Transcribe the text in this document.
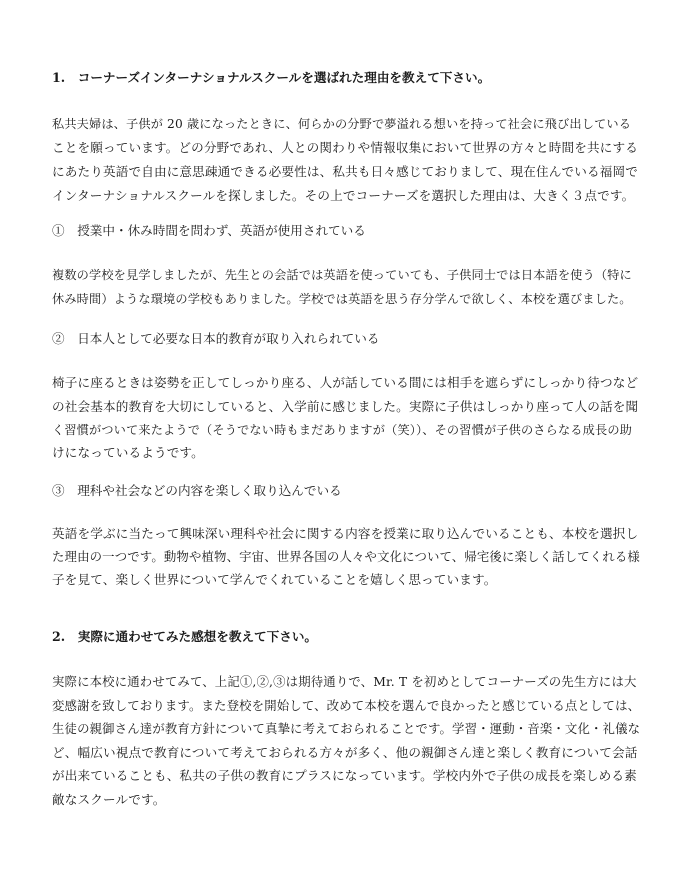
1.　コーナーズインターナショナルスクールを選ばれた理由を教えて下さい。

私共夫婦は、子供が 20 歳になったときに、何らかの分野で夢溢れる想いを持って社会に飛び出している

ことを願っています。どの分野であれ、人との関わりや情報収集において世界の方々と時間を共にする

にあたり英語で自由に意思疎通できる必要性は、私共も日々感じておりまして、現在住んでいる福岡で

インターナショナルスクールを探しました。その上でコーナーズを選択した理由は、大きく３点です。

①　授業中・休み時間を問わず、英語が使用されている

複数の学校を見学しましたが、先生との会話では英語を使っていても、子供同士では日本語を使う（特に

休み時間）ような環境の学校もありました。学校では英語を思う存分学んで欲しく、本校を選びました。

②　日本人として必要な日本的教育が取り入れられている

椅子に座るときは姿勢を正してしっかり座る、人が話している間には相手を遮らずにしっかり待つなど

の社会基本的教育を大切にしていると、入学前に感じました。実際に子供はしっかり座って人の話を聞

く習慣がついて来たようで（そうでない時もまだありますが（笑））、その習慣が子供のさらなる成長の助

けになっているようです。

③　理科や社会などの内容を楽しく取り込んでいる

英語を学ぶに当たって興味深い理科や社会に関する内容を授業に取り込んでいることも、本校を選択し

た理由の一つです。動物や植物、宇宙、世界各国の人々や文化について、帰宅後に楽しく話してくれる様

子を見て、楽しく世界について学んでくれていることを嬉しく思っています。

2.　実際に通わせてみた感想を教えて下さい。

実際に本校に通わせてみて、上記①,②,③は期待通りで、Mr. T を初めとしてコーナーズの先生方には大

変感謝を致しております。また登校を開始して、改めて本校を選んで良かったと感じている点としては、

生徒の親御さん達が教育方針について真摯に考えておられることです。学習・運動・音楽・文化・礼儀な

ど、幅広い視点で教育について考えておられる方々が多く、他の親御さん達と楽しく教育について会話

が出来ていることも、私共の子供の教育にプラスになっています。学校内外で子供の成長を楽しめる素

敵なスクールです。
